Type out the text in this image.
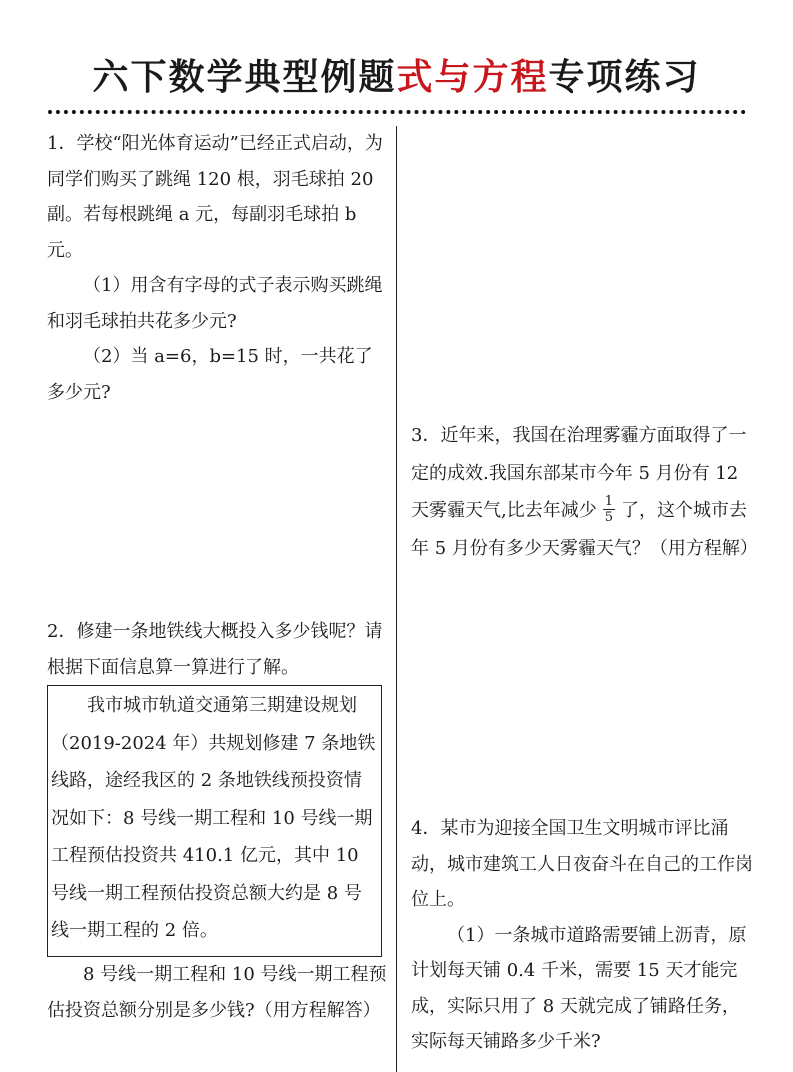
六下数学典型例题式与方程专项练习

1．学校“阳光体育运动”已经正式启动，为同学们购买了跳绳 120 根，羽毛球拍 20 副。若每根跳绳 a 元，每副羽毛球拍 b 元。

（1）用含有字母的式子表示购买跳绳和羽毛球拍共花多少元?

（2）当 a=6，b=15 时，一共花了多少元?

2．修建一条地铁线大概投入多少钱呢？请根据下面信息算一算进行了解。

我市城市轨道交通第三期建设规划（2019-2024 年）共规划修建 7 条地铁线路，途经我区的 2 条地铁线预投资情况如下：8 号线一期工程和 10 号线一期工程预估投资共 410.1 亿元，其中 10 号线一期工程预估投资总额大约是 8 号线一期工程的 2 倍。

8 号线一期工程和 10 号线一期工程预估投资总额分别是多少钱?（用方程解答）

3．近年来，我国在治理雾霾方面取得了一定的成效.我国东部某市今年 5 月份有 12 天雾霾天气,比去年减少 $\frac{1}{5}$ 了，这个城市去年 5 月份有多少天雾霾天气？（用方程解）

4．某市为迎接全国卫生文明城市评比涌动，城市建筑工人日夜奋斗在自己的工作岗位上。

（1）一条城市道路需要铺上沥青，原计划每天铺 0.4 千米，需要 15 天才能完成，实际只用了 8 天就完成了铺路任务，实际每天铺路多少千米?
